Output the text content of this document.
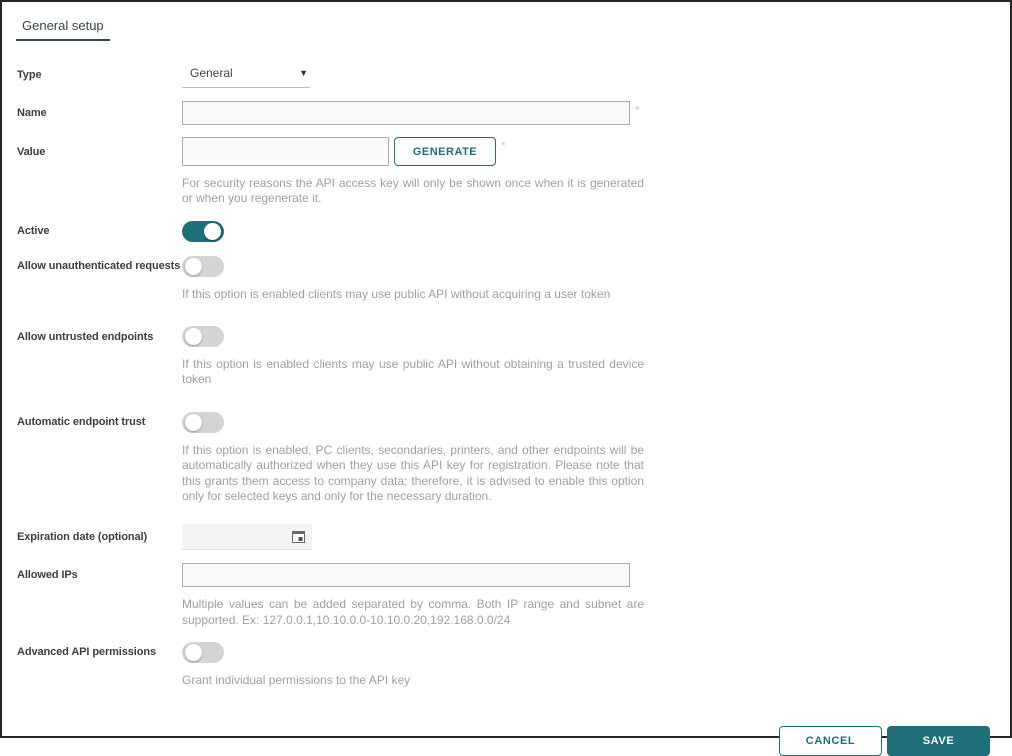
General setup
Type	General	▼
Name	*
Value	GENERATE	*
For security reasons the API access key will only be shown once when it is generated or when you regenerate it.
Active
Allow unauthenticated requests
If this option is enabled clients may use public API without acquiring a user token
Allow untrusted endpoints
If this option is enabled clients may use public API without obtaining a trusted device token
Automatic endpoint trust
If this option is enabled, PC clients, secondaries, printers, and other endpoints will be automatically authorized when they use this API key for registration. Please note that this grants them access to company data; therefore, it is advised to enable this option only for selected keys and only for the necessary duration.
Expiration date (optional)
Allowed IPs
Multiple values can be added separated by comma. Both IP range and subnet are supported. Ex: 127.0.0.1,10.10.0.0-10.10.0.20,192.168.0.0/24
Advanced API permissions
Grant individual permissions to the API key
CANCEL	SAVE
